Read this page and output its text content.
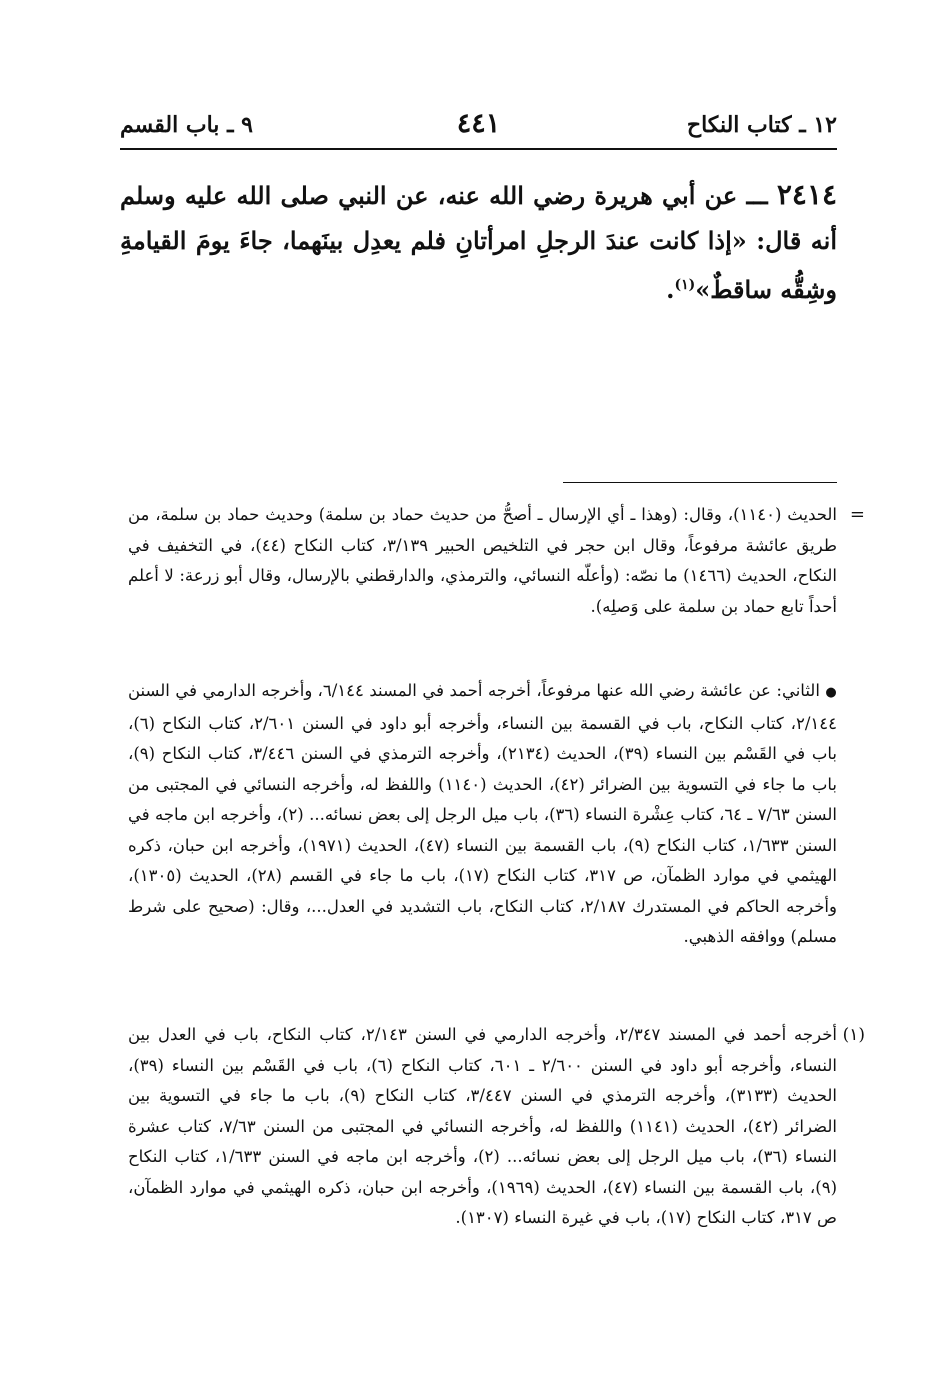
١٢ ـ كتاب النكاح
٤٤١
٩ ـ باب القسم
٢٤١٤ ـــ عن أبي هريرة رضي الله عنه، عن النبي صلى الله عليه وسلم أنه قال: «إذا كانت عندَ الرجلِ امرأتانِ فلم يعدِل بينَهما، جاءَ يومَ القيامةِ وشِقُّه ساقطٌ»$^{(١)}$.
=
الحديث (١١٤٠)، وقال: (وهذا ـ أي الإرسال ـ أصحُّ من حديث حماد بن سلمة) وحديث حماد بن سلمة، من طريق عائشة مرفوعاً، وقال ابن حجر في التلخيص الحبير ٣/١٣٩، كتاب النكاح (٤٤)، في التخفيف في النكاح، الحديث (١٤٦٦) ما نصّه: (وأعلّه النسائي، والترمذي، والدارقطني بالإرسال، وقال أبو زرعة: لا أعلم أحداً تابع حماد بن سلمة على وَصلِه).
● الثاني: عن عائشة رضي الله عنها مرفوعاً، أخرجه أحمد في المسند ٦/١٤٤، وأخرجه الدارمي في السنن ٢/١٤٤، كتاب النكاح، باب في القسمة بين النساء، وأخرجه أبو داود في السنن ٢/٦٠١، كتاب النكاح (٦)، باب في القَسْم بين النساء (٣٩)، الحديث (٢١٣٤)، وأخرجه الترمذي في السنن ٣/٤٤٦، كتاب النكاح (٩)، باب ما جاء في التسوية بين الضرائر (٤٢)، الحديث (١١٤٠) واللفظ له، وأخرجه النسائي في المجتبى من السنن ٧/٦٣ ـ ٦٤، كتاب عِشْرة النساء (٣٦)، باب ميل الرجل إلى بعض نسائه... (٢)، وأخرجه ابن ماجه في السنن ١/٦٣٣، كتاب النكاح (٩)، باب القسمة بين النساء (٤٧)، الحديث (١٩٧١)، وأخرجه ابن حبان، ذكره الهيثمي في موارد الظمآن، ص ٣١٧، كتاب النكاح (١٧)، باب ما جاء في القسم (٢٨)، الحديث (١٣٠٥)، وأخرجه الحاكم في المستدرك ٢/١٨٧، كتاب النكاح، باب التشديد في العدل...، وقال: (صحيح على شرط مسلم) ووافقه الذهبي.
(١)
أخرجه أحمد في المسند ٢/٣٤٧، وأخرجه الدارمي في السنن ٢/١٤٣، كتاب النكاح، باب في العدل بين النساء، وأخرجه أبو داود في السنن ٢/٦٠٠ ـ ٦٠١، كتاب النكاح (٦)، باب في القَسْم بين النساء (٣٩)، الحديث (٣١٣٣)، وأخرجه الترمذي في السنن ٣/٤٤٧، كتاب النكاح (٩)، باب ما جاء في التسوية بين الضرائر (٤٢)، الحديث (١١٤١) واللفظ له، وأخرجه النسائي في المجتبى من السنن ٧/٦٣، كتاب عشرة النساء (٣٦)، باب ميل الرجل إلى بعض نسائه... (٢)، وأخرجه ابن ماجه في السنن ١/٦٣٣، كتاب النكاح (٩)، باب القسمة بين النساء (٤٧)، الحديث (١٩٦٩)، وأخرجه ابن حبان، ذكره الهيثمي في موارد الظمآن، ص ٣١٧، كتاب النكاح (١٧)، باب في غيرة النساء (١٣٠٧).
